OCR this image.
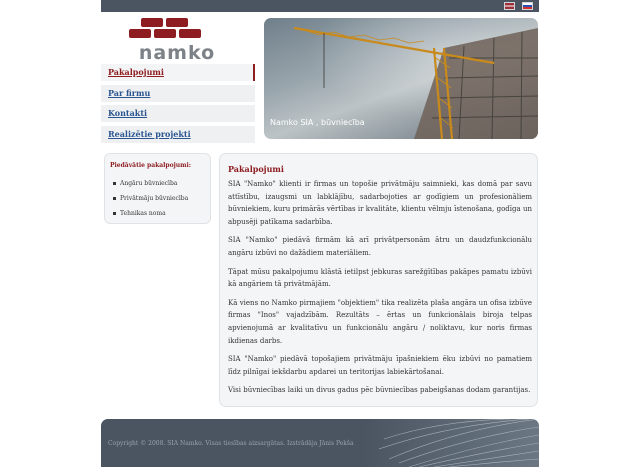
namko
Namko SIA , būvniecība
Pakalpojumi
Par firmu
Kontakti
Realizētie projekti
Piedāvātie pakalpojumi:
Angāru būvniecība
Privātmāju būvniecība
Tehnikas noma
Pakalpojumi

SIA "Namko" klienti ir firmas un topošie privātmāju saimnieki, kas domā par savu attīstību, izaugsmi un labklājību, sadarbojoties ar godīgiem un profesionāliem būvniekiem, kuru primārās vērtības ir kvalitāte, klientu vēlmju īstenošana, godīga un abpusēji patīkama sadarbība.

SIA "Namko" piedāvā firmām kā arī privātpersonām ātru un daudzfunkcionālu angāru izbūvi no dažādiem materiāliem.

Tāpat mūsu pakalpojumu klāstā ietilpst jebkuras sarežģītības pakāpes pamatu izbūvi kā angāriem tā privātmājām.

Kā viens no Namko pirmajiem "objektiem" tika realizēta plaša angāra un ofisa izbūve firmas "Inos" vajadzībām. Rezultāts – ērtas un funkcionālais biroja telpas apvienojumā ar kvalitatīvu un funkcionālu angāru / noliktavu, kur noris firmas ikdienas darbs.

SIA "Namko" piedāvā topošajiem privātmāju īpašniekiem ēku izbūvi no pamatiem līdz pilnīgai iekšdarbu apdarei un teritorijas labiekārtošanai.

Visi būvniecības laiki un divus gadus pēc būvniecības pabeigšanas dodam garantijas.

Copyright © 2008. SIA Namko. Visas tiesības aizsargātas. Izstrādāja Jānis Pekša
